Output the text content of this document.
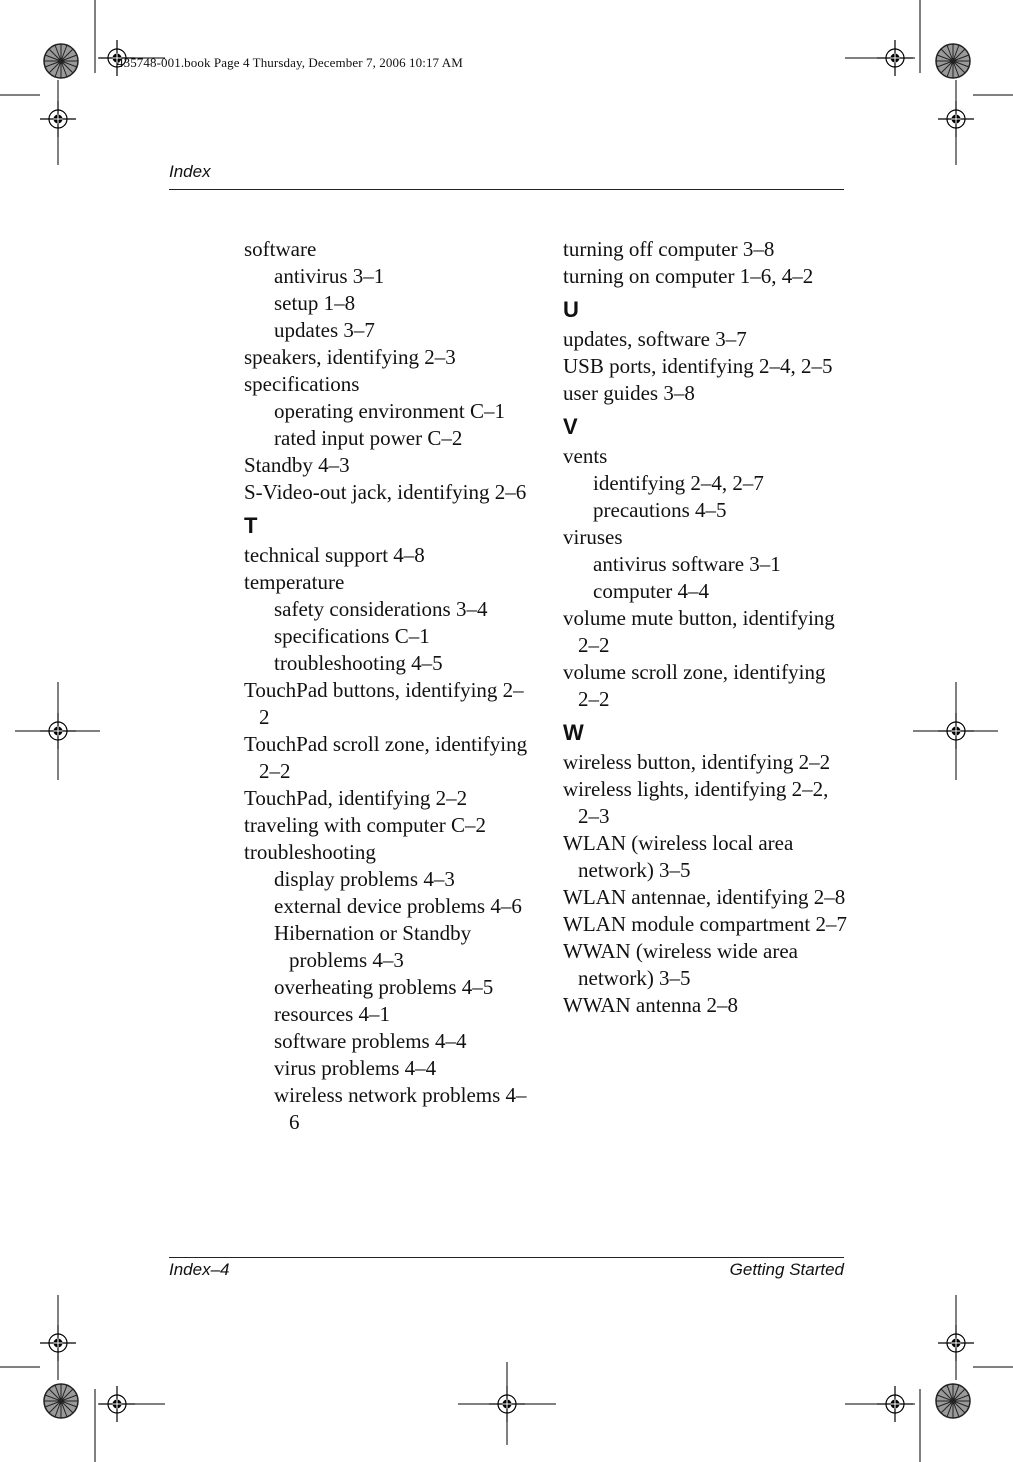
435748-001.book Page 4 Thursday, December 7, 2006 10:17 AM
Index
software
antivirus 3–1
setup 1–8
updates 3–7
speakers, identifying 2–3
specifications
operating environment C–1
rated input power C–2
Standby 4–3
S-Video-out jack, identifying 2–6
T
technical support 4–8
temperature
safety considerations 3–4
specifications C–1
troubleshooting 4–5
TouchPad buttons, identifying 2–2
TouchPad scroll zone, identifying 2–2
TouchPad, identifying 2–2
traveling with computer C–2
troubleshooting
display problems 4–3
external device problems 4–6
Hibernation or Standby problems 4–3
overheating problems 4–5
resources 4–1
software problems 4–4
virus problems 4–4
wireless network problems 4–6
turning off computer 3–8
turning on computer 1–6, 4–2
U
updates, software 3–7
USB ports, identifying 2–4, 2–5
user guides 3–8
V
vents
identifying 2–4, 2–7
precautions 4–5
viruses
antivirus software 3–1
computer 4–4
volume mute button, identifying 2–2
volume scroll zone, identifying 2–2
W
wireless button, identifying 2–2
wireless lights, identifying 2–2, 2–3
WLAN (wireless local area network) 3–5
WLAN antennae, identifying 2–8
WLAN module compartment 2–7
WWAN (wireless wide area network) 3–5
WWAN antenna 2–8
Index–4	Getting Started
